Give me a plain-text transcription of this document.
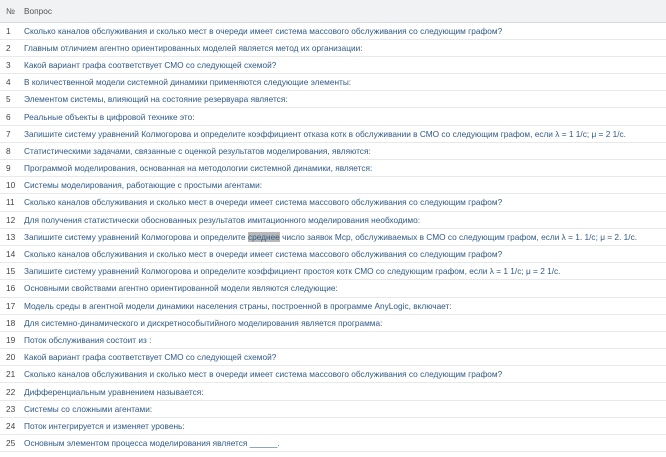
№	Вопрос
1	Сколько каналов обслуживания и сколько мест в очереди имеет система массового обслуживания со следующим графом?
2	Главным отличием агентно ориентированных моделей является метод их организации:
3	Какой вариант графа соответствует СМО со следующей схемой?
4	В количественной модели системной динамики применяются следующие элементы:
5	Элементом системы, влияющий на состояние резервуара является:
6	Реальные объекты в цифровой технике это:
7	Запишите систему уравнений Колмогорова и определите коэффициент отказа котк в обслуживании в СМО со следующим графом, если λ = 1 1/с; μ = 2 1/с.
8	Статистическими задачами, связанные с оценкой результатов моделирования, являются:
9	Программой моделирования, основанная на методологии системной динамики, является:
10	Системы моделирования, работающие с простыми агентами:
11	Сколько каналов обслуживания и сколько мест в очереди имеет система массового обслуживания со следующим графом?
12	Для получения статистически обоснованных результатов имитационного моделирования необходимо:
13	Запишите систему уравнений Колмогорова и определите среднее число заявок Мср, обслуживаемых в СМО со следующим графом, если λ = 1. 1/с; μ = 2. 1/с.
14	Сколько каналов обслуживания и сколько мест в очереди имеет система массового обслуживания со следующим графом?
15	Запишите систему уравнений Колмогорова и определите коэффициент простоя котк СМО со следующим графом, если λ = 1 1/с; μ = 2 1/с.
16	Основными свойствами агентно ориентированной модели являются следующие:
17	Модель среды в агентной модели динамики населения страны, построенной в программе AnyLogic, включает:
18	Для системно-динамического и дискретнособытийного моделирования является программа:
19	Поток обслуживания состоит из :
20	Какой вариант графа соответствует СМО со следующей схемой?
21	Сколько каналов обслуживания и сколько мест в очереди имеет система массового обслуживания со следующим графом?
22	Дифференциальным уравнением называется:
23	Системы со сложными агентами:
24	Поток интегрируется и изменяет уровень:
25	Основным элементом процесса моделирования является ______.
